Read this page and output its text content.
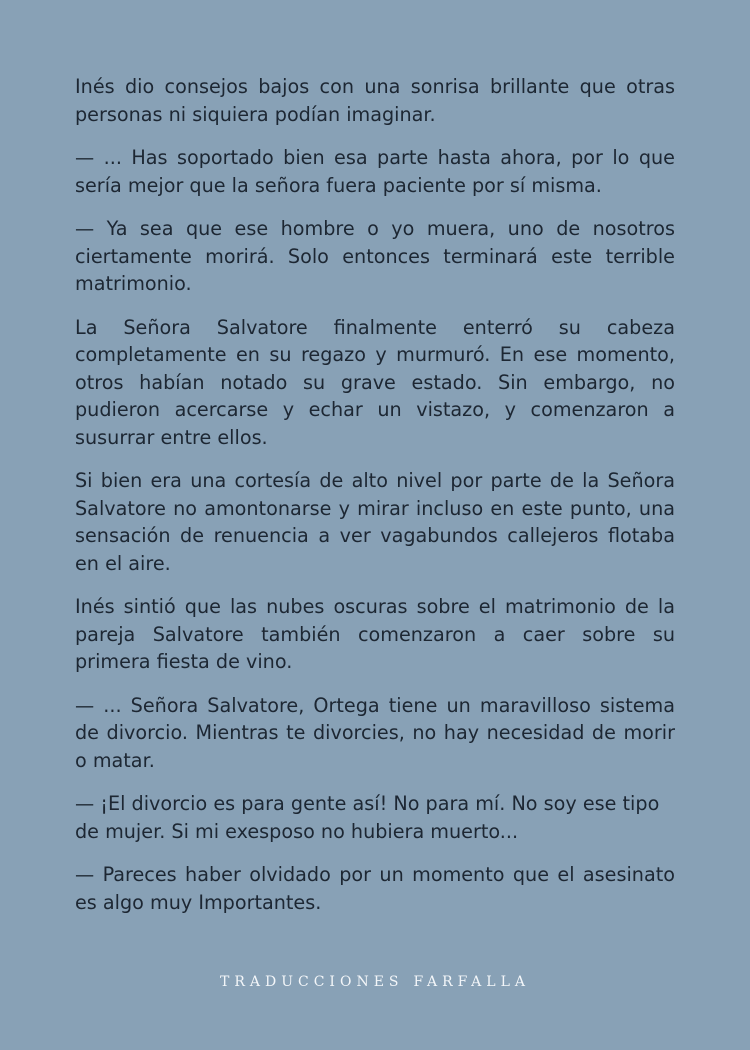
Inés dio consejos bajos con una sonrisa brillante que otras personas ni siquiera podían imaginar.

— ... Has soportado bien esa parte hasta ahora, por lo que sería mejor que la señora fuera paciente por sí misma.

— Ya sea que ese hombre o yo muera, uno de nosotros ciertamente morirá. Solo entonces terminará este terrible matrimonio.

La Señora Salvatore finalmente enterró su cabeza completamente en su regazo y murmuró. En ese momento, otros habían notado su grave estado. Sin embargo, no pudieron acercarse y echar un vistazo, y comenzaron a susurrar entre ellos.

Si bien era una cortesía de alto nivel por parte de la Señora Salvatore no amontonarse y mirar incluso en este punto, una sensación de renuencia a ver vagabundos callejeros flotaba en el aire.

Inés sintió que las nubes oscuras sobre el matrimonio de la pareja Salvatore también comenzaron a caer sobre su primera fiesta de vino.

— ... Señora Salvatore, Ortega tiene un maravilloso sistema de divorcio. Mientras te divorcies, no hay necesidad de morir o matar.

— ¡El divorcio es para gente así! No para mí. No soy ese tipo de mujer. Si mi exesposo no hubiera muerto...

— Pareces haber olvidado por un momento que el asesinato es algo muy Importantes.

TRADUCCIONES FARFALLA
